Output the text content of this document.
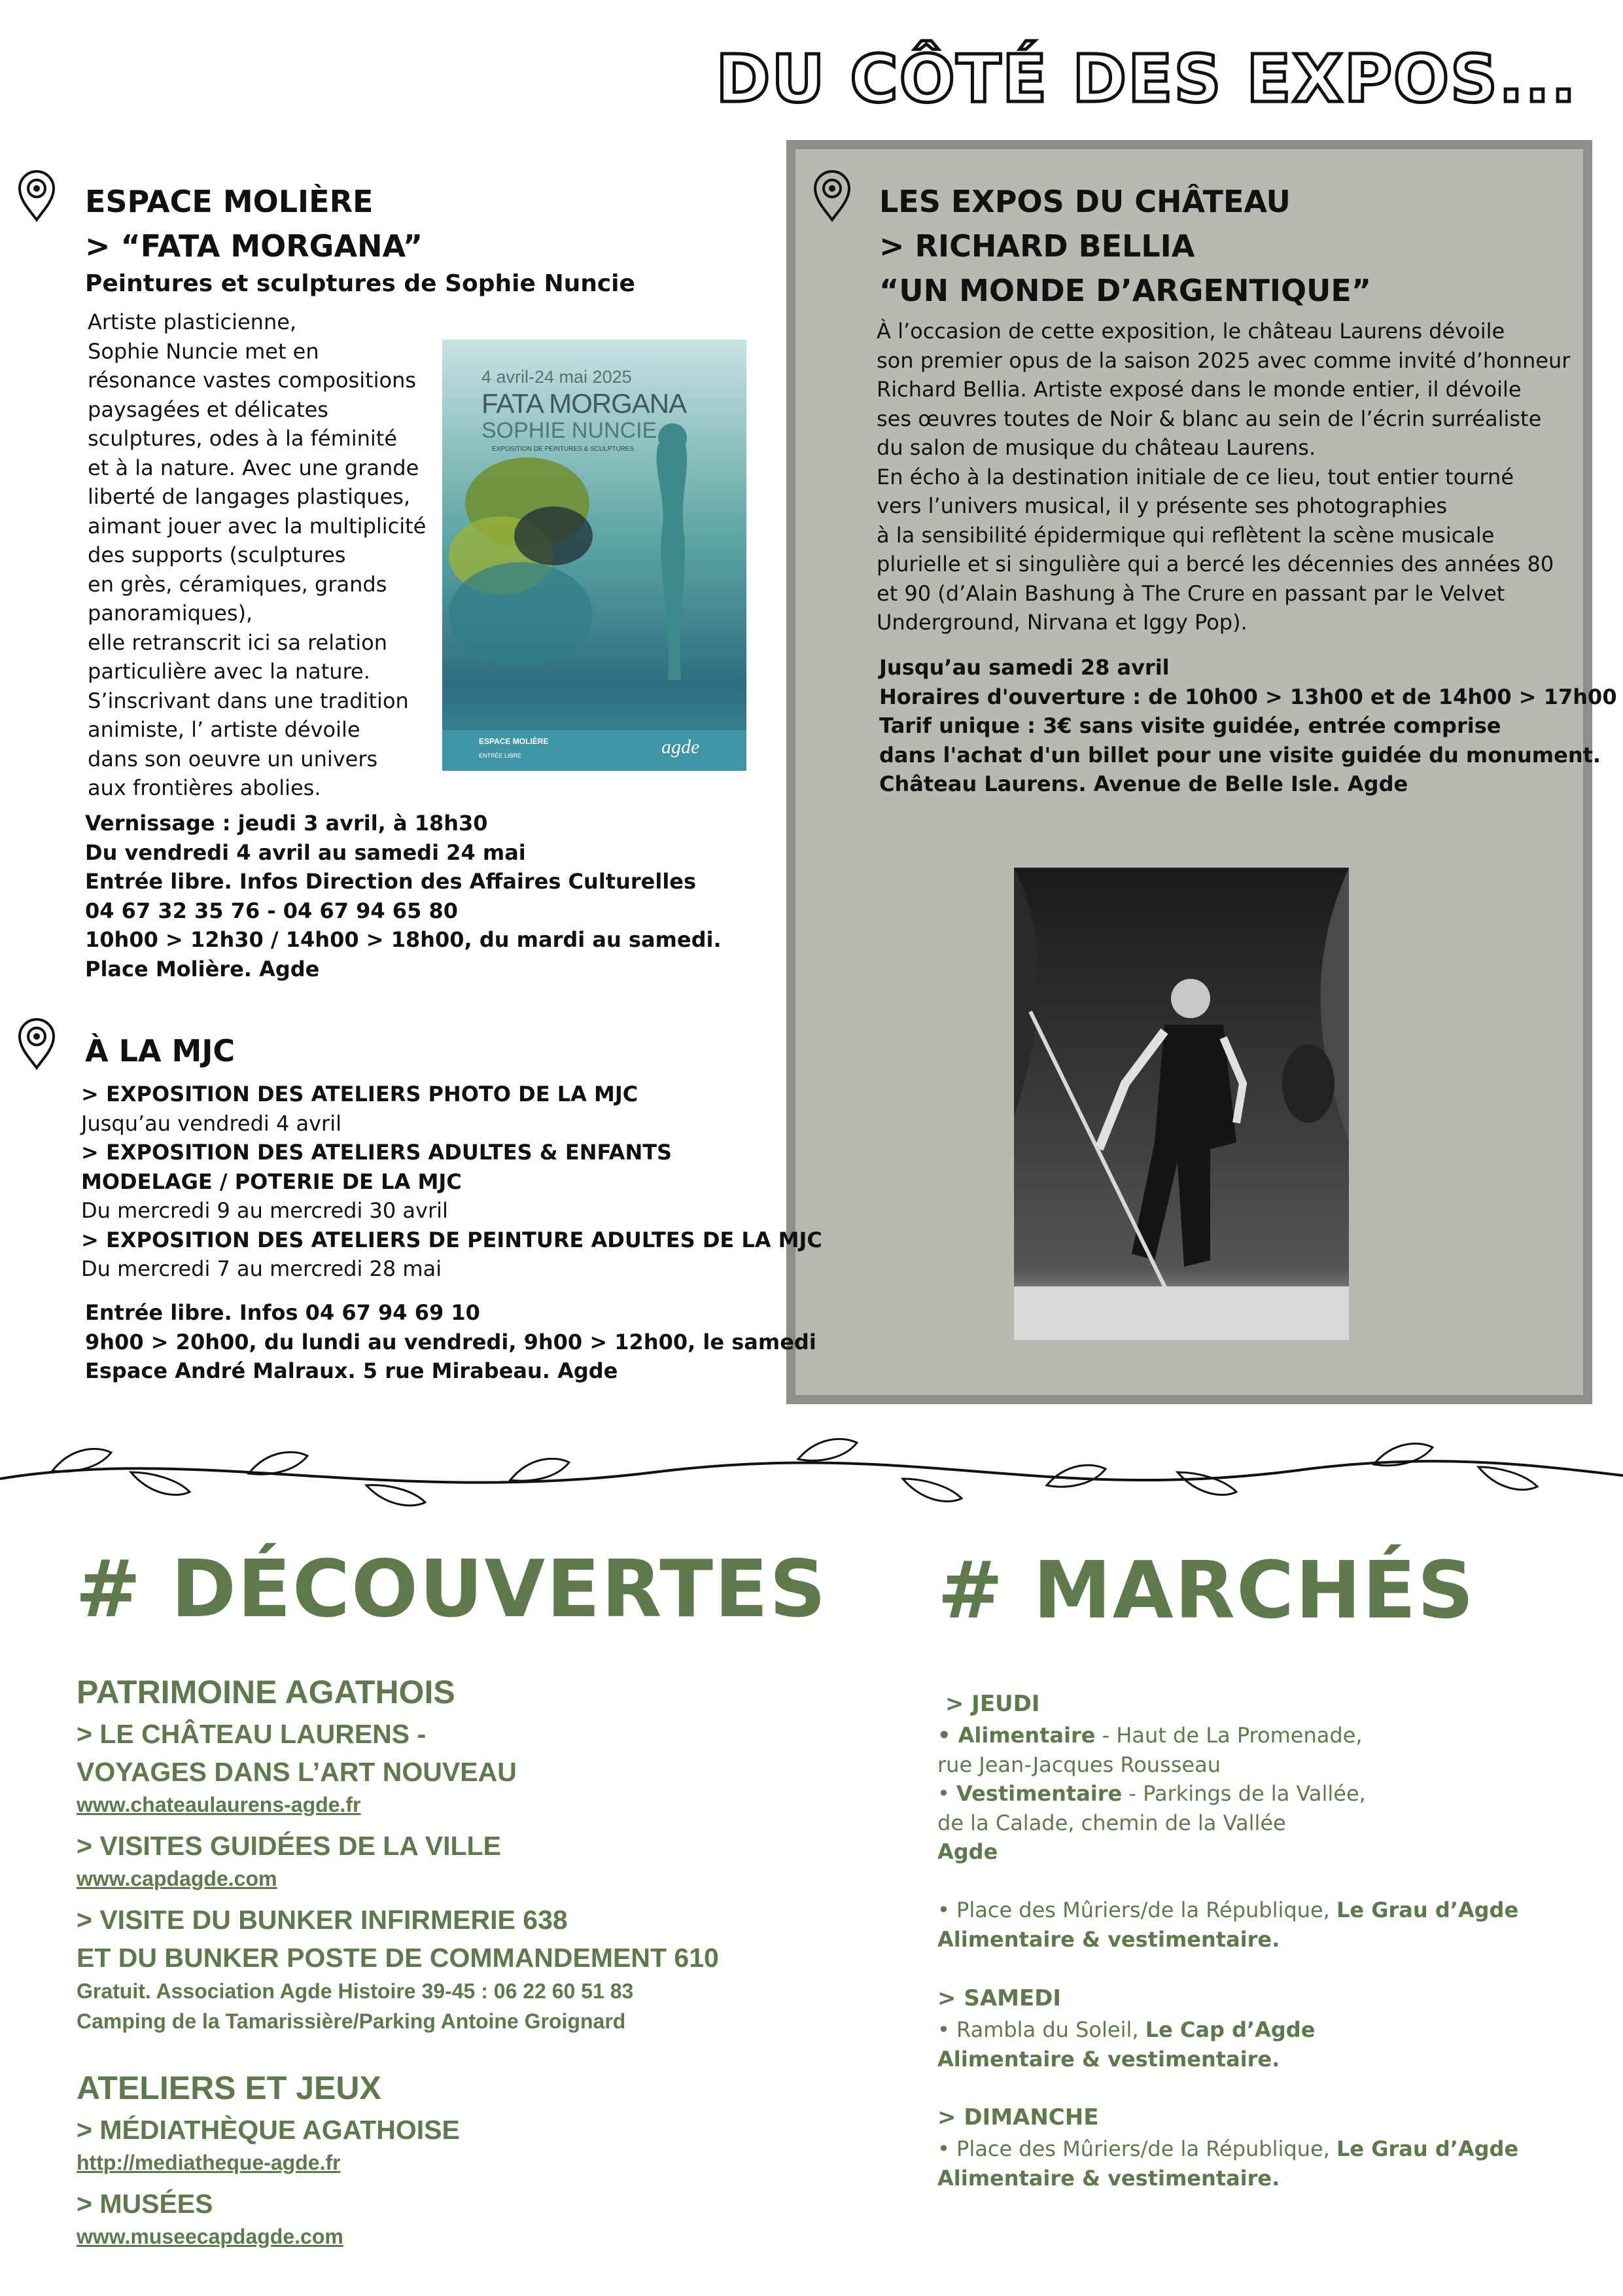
DU CÔTÉ DES EXPOS...
ESPACE MOLIÈRE
> “FATA MORGANA”
Peintures et sculptures de Sophie Nuncie
Artiste plasticienne,
Sophie Nuncie met en
résonance vastes compositions
paysagées et délicates
sculptures, odes à la féminité
et à la nature. Avec une grande
liberté de langages plastiques,
aimant jouer avec la multiplicité
des supports (sculptures
en grès, céramiques, grands
panoramiques),
elle retranscrit ici sa relation
particulière avec la nature.
S’inscrivant dans une tradition
animiste, l’ artiste dévoile
dans son oeuvre un univers
aux frontières abolies.
4 avril-24 mai 2025
FATA MORGANA
SOPHIE NUNCIE
EXPOSITION DE PEINTURES & SCULPTURES
ESPACE MOLIÈRE
ENTRÉE LIBRE	agde
Vernissage : jeudi 3 avril, à 18h30
Du vendredi 4 avril au samedi 24 mai
Entrée libre. Infos Direction des Affaires Culturelles
04 67 32 35 76 - 04 67 94 65 80
10h00 > 12h30 / 14h00 > 18h00, du mardi au samedi.
Place Molière. Agde
À LA MJC
> EXPOSITION DES ATELIERS PHOTO DE LA MJC
Jusqu’au vendredi 4 avril
> EXPOSITION DES ATELIERS ADULTES & ENFANTS
MODELAGE / POTERIE DE LA MJC
Du mercredi 9 au mercredi 30 avril
> EXPOSITION DES ATELIERS DE PEINTURE ADULTES DE LA MJC
Du mercredi 7 au mercredi 28 mai
Entrée libre. Infos 04 67 94 69 10
9h00 > 20h00, du lundi au vendredi, 9h00 > 12h00, le samedi
Espace André Malraux. 5 rue Mirabeau. Agde
LES EXPOS DU CHÂTEAU
> RICHARD BELLIA
“UN MONDE D’ARGENTIQUE”
À l’occasion de cette exposition, le château Laurens dévoile
son premier opus de la saison 2025 avec comme invité d’honneur
Richard Bellia. Artiste exposé dans le monde entier, il dévoile
ses œuvres toutes de Noir & blanc au sein de l’écrin surréaliste
du salon de musique du château Laurens.
En écho à la destination initiale de ce lieu, tout entier tourné
vers l’univers musical, il y présente ses photographies
à la sensibilité épidermique qui reflètent la scène musicale
plurielle et si singulière qui a bercé les décennies des années 80
et 90 (d’Alain Bashung à The Crure en passant par le Velvet
Underground, Nirvana et Iggy Pop).
Jusqu’au samedi 28 avril
Horaires d'ouverture : de 10h00 > 13h00 et de 14h00 > 17h00
Tarif unique : 3€ sans visite guidée, entrée comprise
dans l'achat d'un billet pour une visite guidée du monument.
Château Laurens. Avenue de Belle Isle. Agde
# DÉCOUVERTES
PATRIMOINE AGATHOIS
> LE CHÂTEAU LAURENS -
VOYAGES DANS L’ART NOUVEAU
www.chateaulaurens-agde.fr
> VISITES GUIDÉES DE LA VILLE
www.capdagde.com
> VISITE DU BUNKER INFIRMERIE 638
ET DU BUNKER POSTE DE COMMANDEMENT 610
Gratuit. Association Agde Histoire 39-45 : 06 22 60 51 83
Camping de la Tamarissière/Parking Antoine Groignard
ATELIERS ET JEUX
> MÉDIATHÈQUE AGATHOISE
http://mediatheque-agde.fr
> MUSÉES
www.museecapdagde.com
# MARCHÉS
> JEUDI
• Alimentaire - Haut de La Promenade,
rue Jean-Jacques Rousseau
• Vestimentaire - Parkings de la Vallée,
de la Calade, chemin de la Vallée
Agde

• Place des Mûriers/de la République, Le Grau d’Agde
Alimentaire & vestimentaire.
> SAMEDI
• Rambla du Soleil, Le Cap d’Agde
Alimentaire & vestimentaire.
> DIMANCHE
• Place des Mûriers/de la République, Le Grau d’Agde
Alimentaire & vestimentaire.
